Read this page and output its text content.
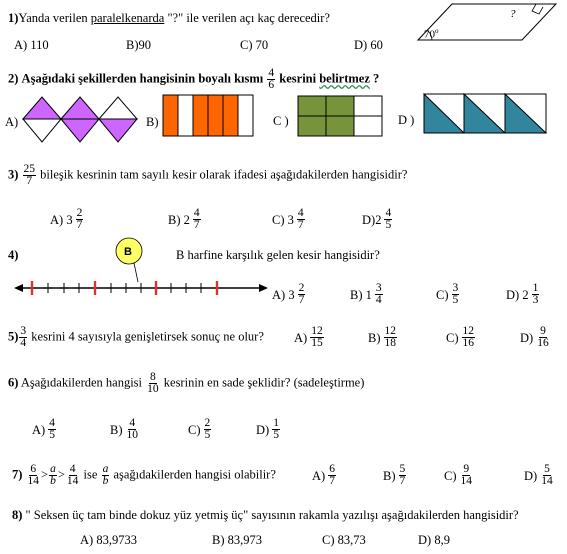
1)Yanda verilen paralelkenarda "?" ile verilen açı kaç derecedir?
70$^o$
?
A) 110	B)90	C) 70	D) 60
2) Aşağıdaki şekillerden hangisinin boyalı kısmı $\frac{4}{6}$ kesrini belirtmez ?
A)	B)	C )	D )
$3) \frac{25}{7}$ bileşik kesrinin tam sayılı kesir olarak ifadesi aşağıdakilerden hangisidir?
A) $3 \frac{2}{7}$	B) $2 \frac{4}{7}$	C) $3 \frac{4}{7}$	$D)2 \frac{4}{5}$
4)	B	B harfine karşılık gelen kesir hangisidir?
A) $3 \frac{2}{7}$	B) $1 \frac{3}{4}$	$C) \frac{3}{5}$	D) $2 \frac{1}{3}$
$5) \frac{3}{4}$ kesrini 4 sayısıyla genişletirsek sonuç ne olur? $A) \frac{12}{15}$	$B) \frac{12}{18}$	$C) \frac{12}{16}$	$D) \frac{9}{16}$
6) Aşağıdakilerden hangisi $\frac{8}{10}$ kesrinin en sade şeklidir? (sadeleştirme)
$A) \frac{4}{5}$	$B) \frac{4}{10}$	$C) \frac{2}{5}$	$D) \frac{1}{5}$
$7) \frac{6}{14} > \frac{a}{b} > \frac{4}{14}$ ise $\frac{a}{b}$ aşağıdakilerden hangisi olabilir?	$A) \frac{6}{7}$	$B) \frac{5}{7}$	$C) \frac{9}{14}$	$D) \frac{5}{14}$
8) " Seksen üç tam binde dokuz yüz yetmiş üç" sayısının rakamla yazılışı aşağıdakilerden hangisidir?
A) 83,9733	B) 83,973	C) 83,73	D) 8,9
